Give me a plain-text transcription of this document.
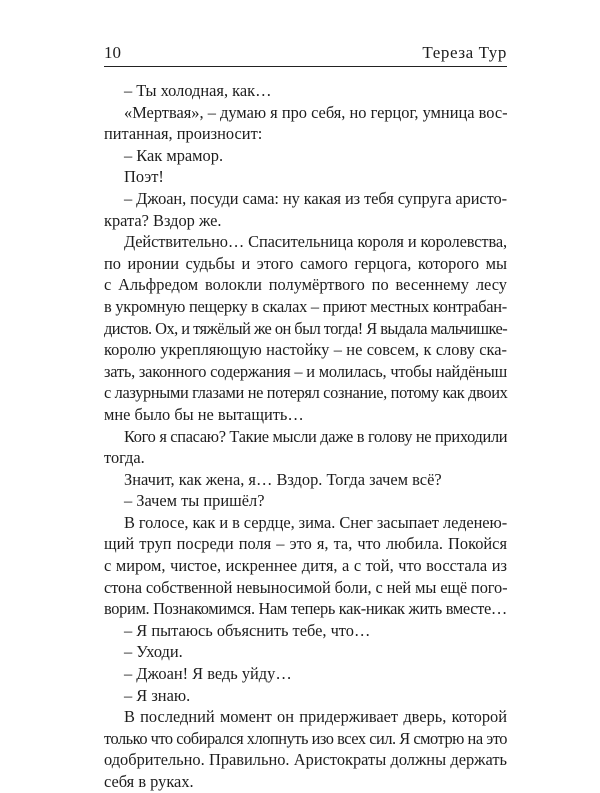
10	Тереза Тур
– Ты холодная, как…
«Мертвая», – думаю я про себя, но герцог, умница вос-
питанная, произносит:
– Как мрамор.
Поэт!
– Джоан, посуди сама: ну какая из тебя супруга аристо-
крата? Вздор же.
Действительно… Спасительница короля и королевства,
по иронии судьбы и этого самого герцога, которого мы
с Альфредом волокли полумёртвого по весеннему лесу
в укромную пещерку в скалах – приют местных контрабан-
дистов. Ох, и тяжёлый же он был тогда! Я выдала мальчишке-
королю укрепляющую настойку – не совсем, к слову ска-
зать, законного содержания – и молилась, чтобы найдёныш
с лазурными глазами не потерял сознание, потому как двоих
мне было бы не вытащить…
Кого я спасаю? Такие мысли даже в голову не приходили
тогда.
Значит, как жена, я… Вздор. Тогда зачем всё?
– Зачем ты пришёл?
В голосе, как и в сердце, зима. Снег засыпает леденею-
щий труп посреди поля – это я, та, что любила. Покойся
с миром, чистое, искреннее дитя, а с той, что восстала из
стона собственной невыносимой боли, с ней мы ещё пого-
ворим. Познакомимся. Нам теперь как-никак жить вместе…
– Я пытаюсь объяснить тебе, что…
– Уходи.
– Джоан! Я ведь уйду…
– Я знаю.
В последний момент он придерживает дверь, которой
только что собирался хлопнуть изо всех сил. Я смотрю на это
одобрительно. Правильно. Аристократы должны держать
себя в руках.
